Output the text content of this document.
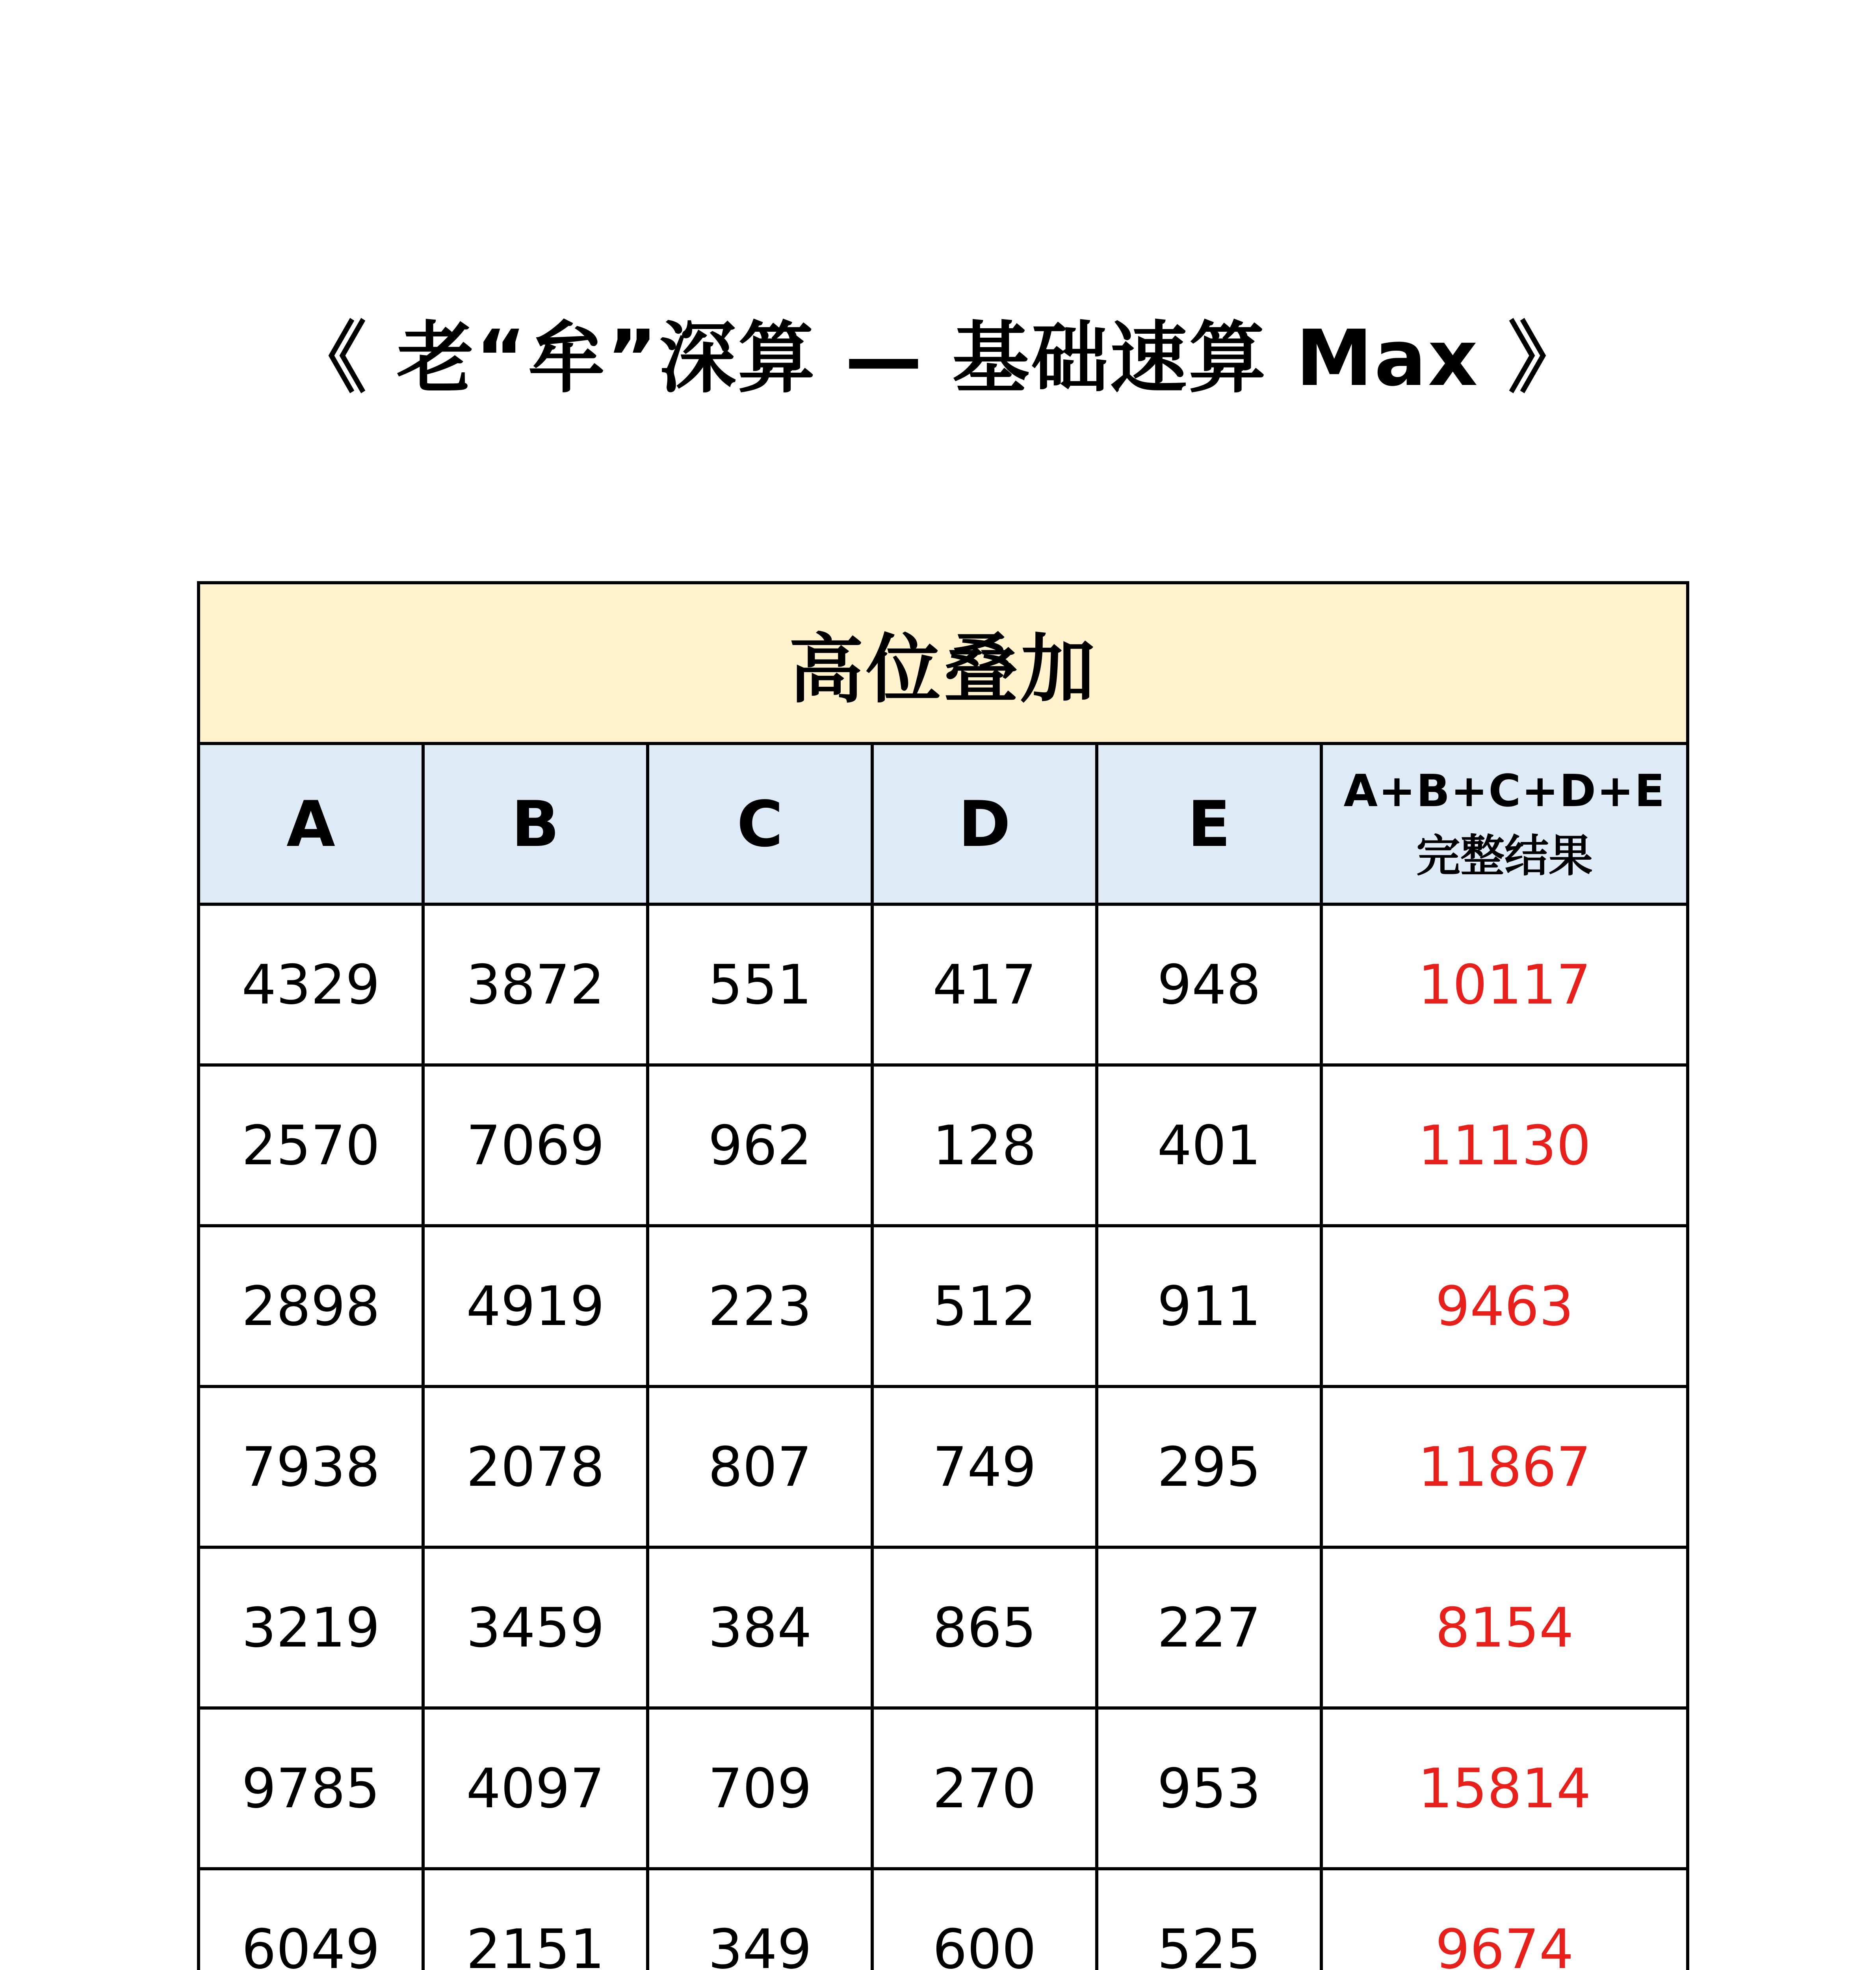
《 老“牟”深算 — 基础速算 Max 》
高位叠加					
A	B	C	D	E	A+B+C+D+E
完整结果

4329	3872	551	417	948	10117
2570	7069	962	128	401	11130
2898	4919	223	512	911	9463
7938	2078	807	749	295	11867
3219	3459	384	865	227	8154
9785	4097	709	270	953	15814
6049	2151	349	600	525	9674
